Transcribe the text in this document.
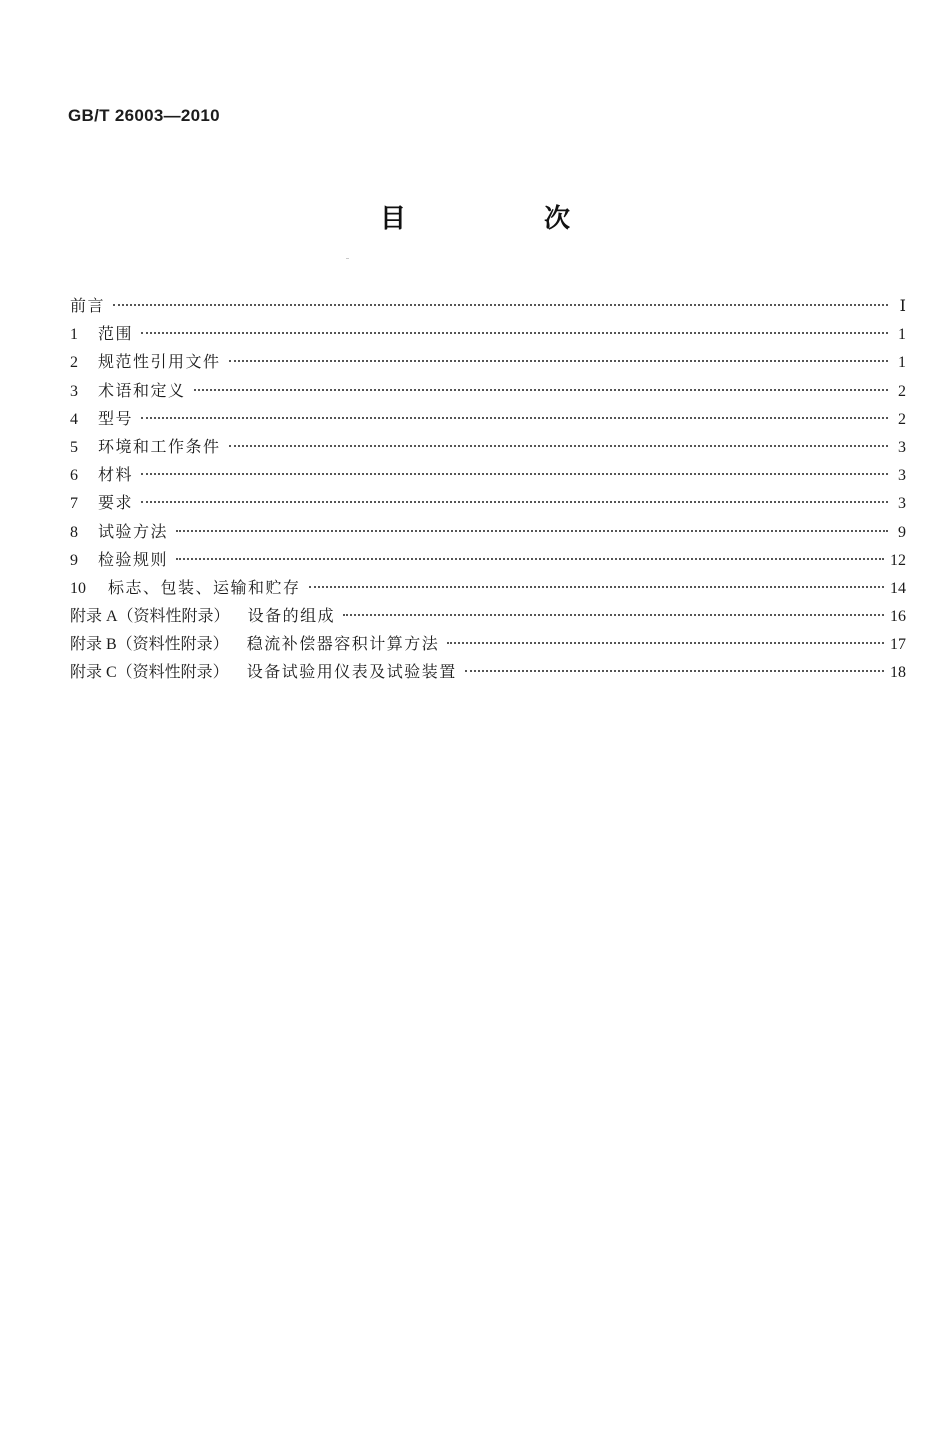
GB/T 26003—2010
目　次
前言	Ⅰ
1	范围	1
2	规范性引用文件	1
3	术语和定义	2
4	型号	2
5	环境和工作条件	3
6	材料	3
7	要求	3
8	试验方法	9
9	检验规则	12
10	标志、包装、运输和贮存	14
附录 A（资料性附录）	设备的组成	16
附录 B（资料性附录）	稳流补偿器容积计算方法	17
附录 C（资料性附录）	设备试验用仪表及试验装置	18
